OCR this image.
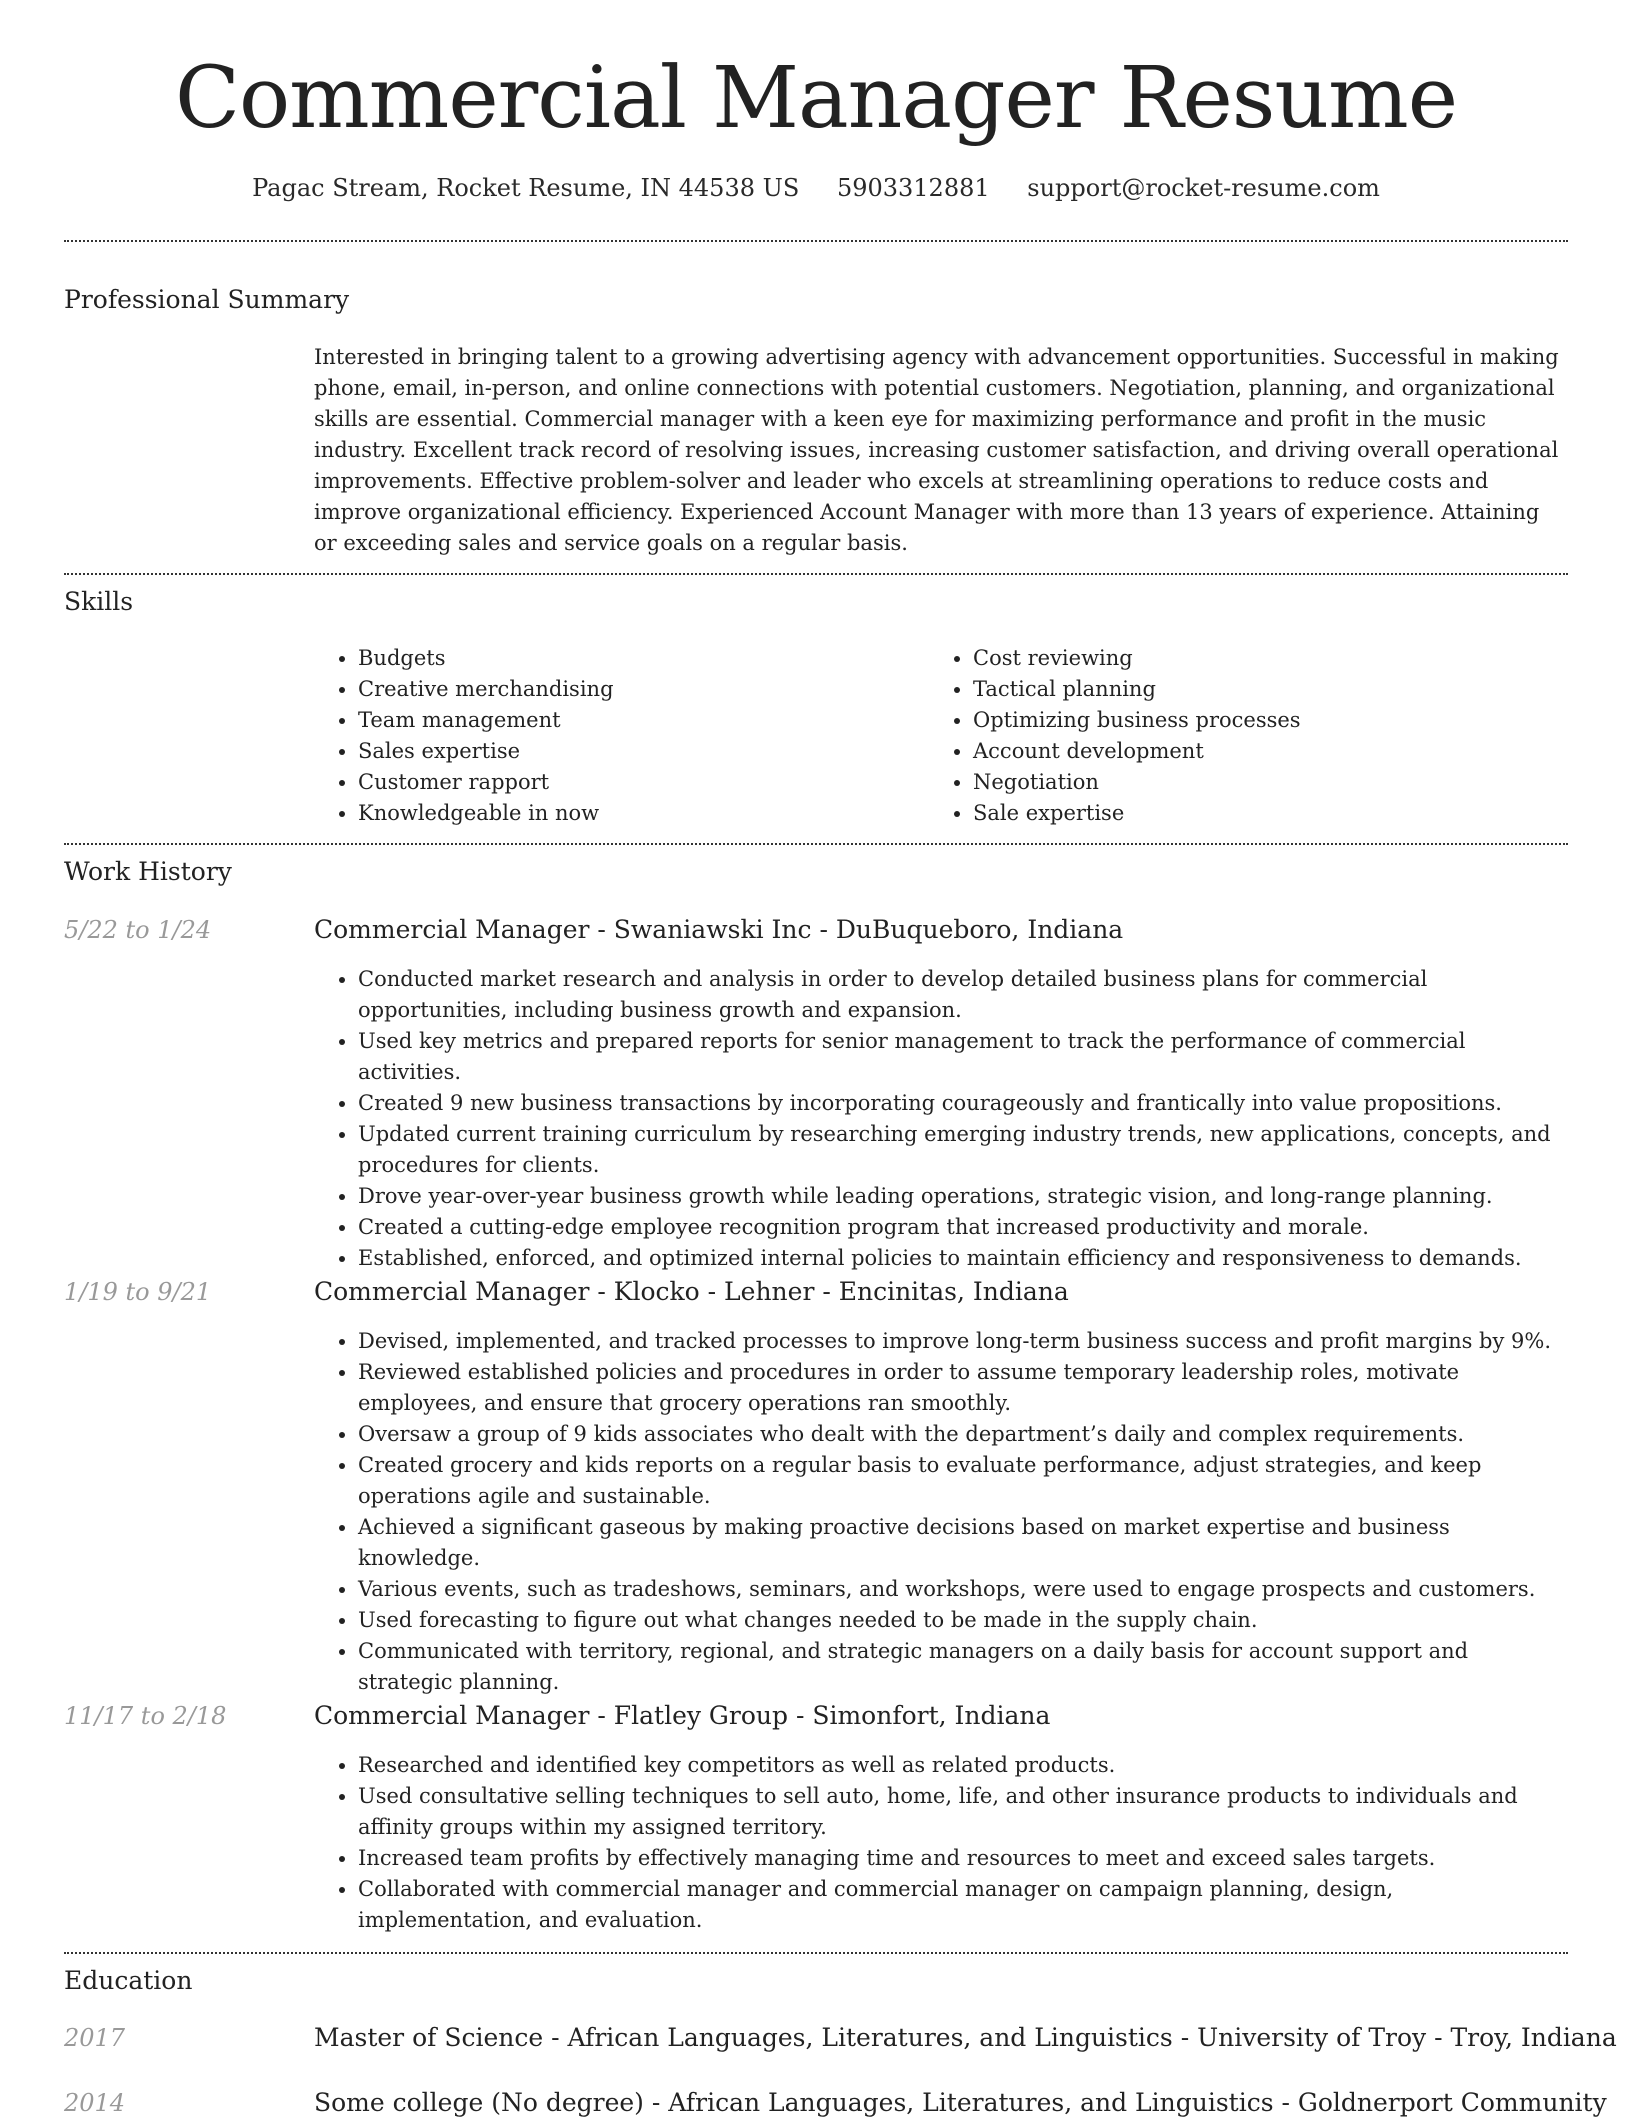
Commercial Manager Resume
Pagac Stream, Rocket Resume, IN 44538 US 5903312881 support@rocket-resume.com
Professional Summary
Interested in bringing talent to a growing advertising agency with advancement opportunities. Successful in making phone, email, in-person, and online connections with potential customers. Negotiation, planning, and organizational skills are essential. Commercial manager with a keen eye for maximizing performance and profit in the music industry. Excellent track record of resolving issues, increasing customer satisfaction, and driving overall operational improvements. Effective problem-solver and leader who excels at streamlining operations to reduce costs and improve organizational efficiency. Experienced Account Manager with more than 13 years of experience. Attaining or exceeding sales and service goals on a regular basis.
Skills
• Budgets
• Creative merchandising
• Team management
• Sales expertise
• Customer rapport
• Knowledgeable in now
• Cost reviewing
• Tactical planning
• Optimizing business processes
• Account development
• Negotiation
• Sale expertise
Work History
5/22 to 1/24	Commercial Manager - Swaniawski Inc - DuBuqueboro, Indiana
• Conducted market research and analysis in order to develop detailed business plans for commercial opportunities, including business growth and expansion.
• Used key metrics and prepared reports for senior management to track the performance of commercial activities.
• Created 9 new business transactions by incorporating courageously and frantically into value propositions.
• Updated current training curriculum by researching emerging industry trends, new applications, concepts, and procedures for clients.
• Drove year-over-year business growth while leading operations, strategic vision, and long-range planning.
• Created a cutting-edge employee recognition program that increased productivity and morale.
• Established, enforced, and optimized internal policies to maintain efficiency and responsiveness to demands.
1/19 to 9/21	Commercial Manager - Klocko - Lehner - Encinitas, Indiana
• Devised, implemented, and tracked processes to improve long-term business success and profit margins by 9%.
• Reviewed established policies and procedures in order to assume temporary leadership roles, motivate employees, and ensure that grocery operations ran smoothly.
• Oversaw a group of 9 kids associates who dealt with the department’s daily and complex requirements.
• Created grocery and kids reports on a regular basis to evaluate performance, adjust strategies, and keep operations agile and sustainable.
• Achieved a significant gaseous by making proactive decisions based on market expertise and business knowledge.
• Various events, such as tradeshows, seminars, and workshops, were used to engage prospects and customers.
• Used forecasting to figure out what changes needed to be made in the supply chain.
• Communicated with territory, regional, and strategic managers on a daily basis for account support and strategic planning.
11/17 to 2/18	Commercial Manager - Flatley Group - Simonfort, Indiana
• Researched and identified key competitors as well as related products.
• Used consultative selling techniques to sell auto, home, life, and other insurance products to individuals and affinity groups within my assigned territory.
• Increased team profits by effectively managing time and resources to meet and exceed sales targets.
• Collaborated with commercial manager and commercial manager on campaign planning, design, implementation, and evaluation.
Education
2017	Master of Science - African Languages, Literatures, and Linguistics - University of Troy - Troy, Indiana
2014	Some college (No degree) - African Languages, Literatures, and Linguistics - Goldnerport Community
